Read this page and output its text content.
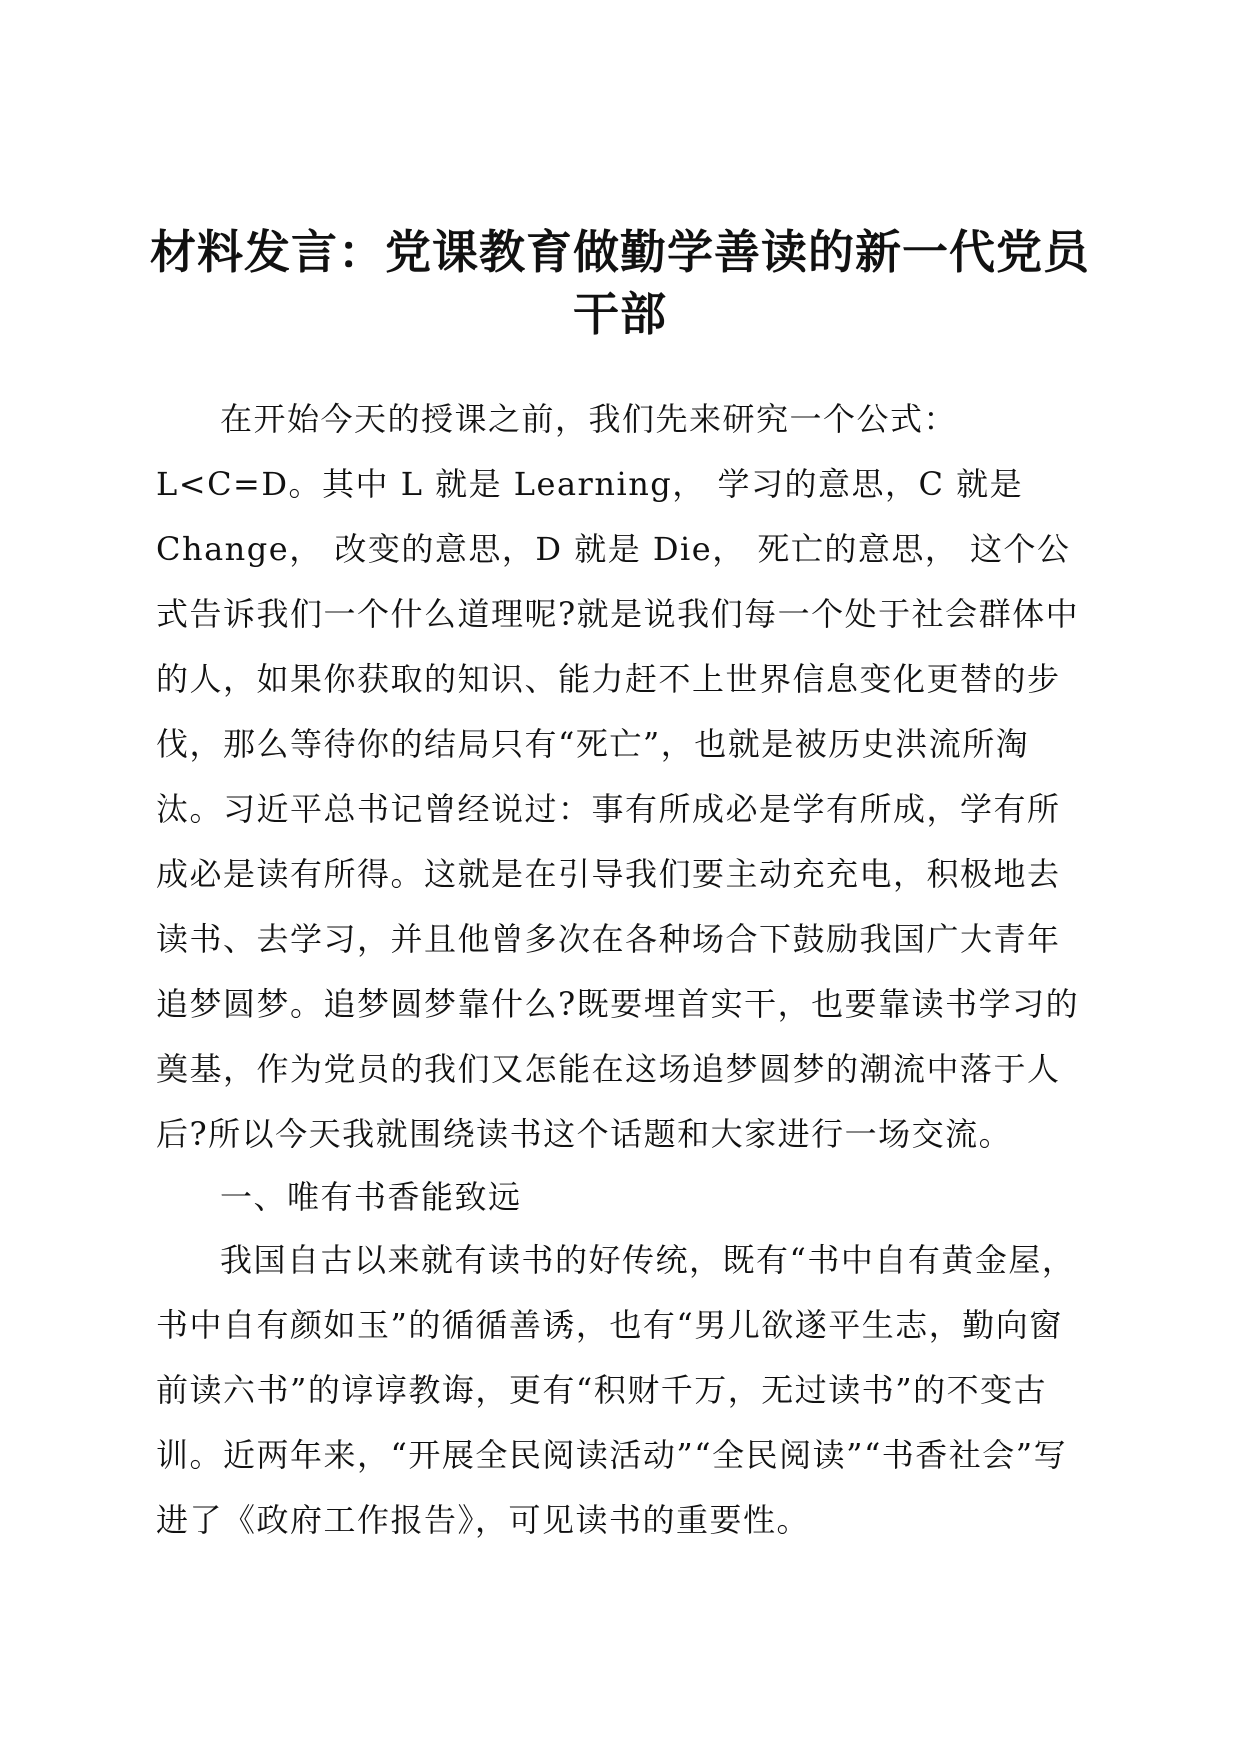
材料发言：党课教育做勤学善读的新一代党员
干部

在开始今天的授课之前，我们先来研究一个公式：L<C=D。其中 L 就是 Learning， 学习的意思，C 就是 Change， 改变的意思，D 就是 Die， 死亡的意思， 这个公式告诉我们一个什么道理呢?就是说我们每一个处于社会群体中的人，如果你获取的知识、能力赶不上世界信息变化更替的步伐，那么等待你的结局只有“死亡”，也就是被历史洪流所淘汰。习近平总书记曾经说过：事有所成必是学有所成，学有所成必是读有所得。这就是在引导我们要主动充充电，积极地去读书、去学习，并且他曾多次在各种场合下鼓励我国广大青年追梦圆梦。追梦圆梦靠什么?既要埋首实干，也要靠读书学习的奠基，作为党员的我们又怎能在这场追梦圆梦的潮流中落于人后?所以今天我就围绕读书这个话题和大家进行一场交流。

一、唯有书香能致远

我国自古以来就有读书的好传统，既有“书中自有黄金屋，书中自有颜如玉”的循循善诱，也有“男儿欲遂平生志，勤向窗前读六书”的谆谆教诲，更有“积财千万，无过读书”的不变古训。近两年来，“开展全民阅读活动”“全民阅读”“书香社会”写进了《政府工作报告》，可见读书的重要性。
